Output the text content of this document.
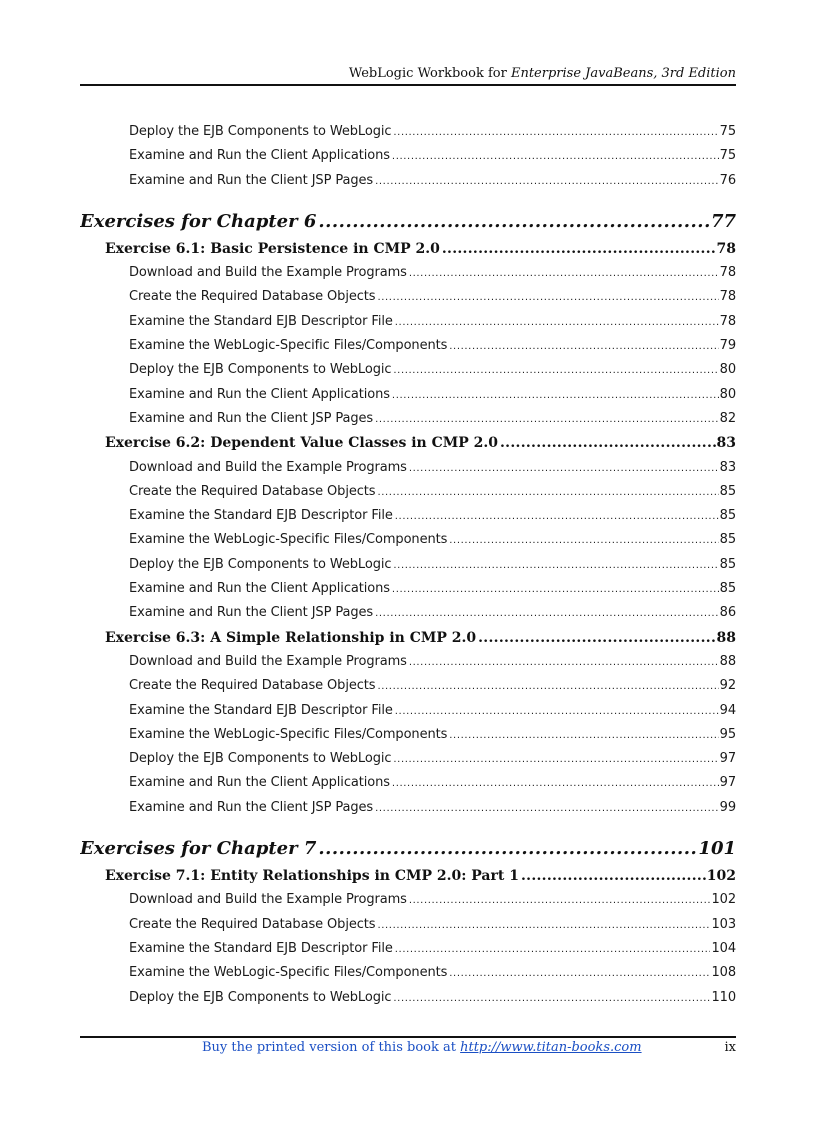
WebLogic Workbook for Enterprise JavaBeans, 3rd Edition
Deploy the EJB Components to WebLogic .....	75
Examine and Run the Client Applications .....	75
Examine and Run the Client JSP Pages .....	76
Exercises for Chapter 6 .....	77
Exercise 6.1: Basic Persistence in CMP 2.0 .....	78
Download and Build the Example Programs .....	78
Create the Required Database Objects .....	78
Examine the Standard EJB Descriptor File .....	78
Examine the WebLogic-Specific Files/Components .....	79
Deploy the EJB Components to WebLogic .....	80
Examine and Run the Client Applications .....	80
Examine and Run the Client JSP Pages .....	82
Exercise 6.2: Dependent Value Classes in CMP 2.0 .....	83
Download and Build the Example Programs .....	83
Create the Required Database Objects .....	85
Examine the Standard EJB Descriptor File .....	85
Examine the WebLogic-Specific Files/Components .....	85
Deploy the EJB Components to WebLogic .....	85
Examine and Run the Client Applications .....	85
Examine and Run the Client JSP Pages .....	86
Exercise 6.3: A Simple Relationship in CMP 2.0 .....	88
Download and Build the Example Programs .....	88
Create the Required Database Objects .....	92
Examine the Standard EJB Descriptor File .....	94
Examine the WebLogic-Specific Files/Components .....	95
Deploy the EJB Components to WebLogic .....	97
Examine and Run the Client Applications .....	97
Examine and Run the Client JSP Pages .....	99
Exercises for Chapter 7 .....	101
Exercise 7.1: Entity Relationships in CMP 2.0: Part 1 .....	102
Download and Build the Example Programs .....	102
Create the Required Database Objects .....	103
Examine the Standard EJB Descriptor File .....	104
Examine the WebLogic-Specific Files/Components .....	108
Deploy the EJB Components to WebLogic .....	110
Buy the printed version of this book at http://www.titan-books.com	ix
